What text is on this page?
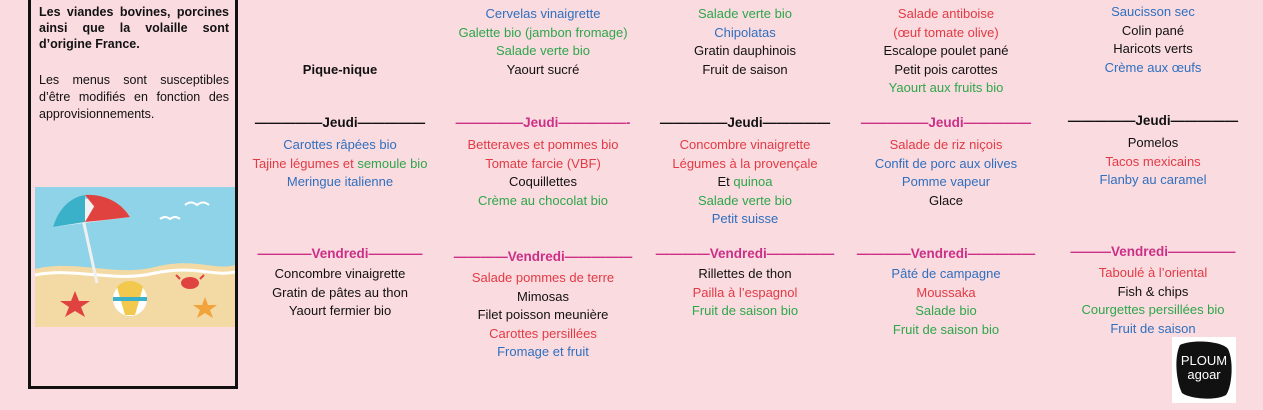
Les viandes bovines, porcines ainsi que la volaille sont d’origine France.
Les menus sont susceptibles d’être modifiés en fonction des approvisionnements.
Pique-nique
—————Jeudi—————
Carottes râpées bio
Tajine légumes et semoule bio
Meringue italienne
————Vendredi————
Concombre vinaigrette
Gratin de pâtes au thon
Yaourt fermier bio
Cervelas vinaigrette
Galette bio (jambon fromage)
Salade verte bio
Yaourt sucré
—————Jeudi—————-
Betteraves et pommes bio
Tomate farcie (VBF)
Coquillettes
Crème au chocolat bio
————Vendredi—————
Salade pommes de terre
Mimosas
Filet poisson meunière
Carottes persillées
Fromage et fruit
Salade verte bio
Chipolatas
Gratin dauphinois
Fruit de saison
—————Jeudi—————
Concombre vinaigrette
Légumes à la provençale
Et quinoa
Salade verte bio
Petit suisse
————Vendredi—————
Rillettes de thon
Pailla à l’espagnol
Fruit de saison bio
Salade antiboise
(œuf tomate olive)
Escalope poulet pané
Petit pois carottes
Yaourt aux fruits bio
—————Jeudi—————
Salade de riz niçois
Confit de porc aux olives
Pomme vapeur
Glace
————Vendredi—————
Pâté de campagne
Moussaka
Salade bio
Fruit de saison bio
Saucisson sec
Colin pané
Haricots verts
Crème aux œufs
—————Jeudi—————
Pomelos
Tacos mexicains
Flanby au caramel
———Vendredi—————
Taboulé à l’oriental
Fish & chips
Courgettes persillées bio
Fruit de saison
PLOUM
agoar
